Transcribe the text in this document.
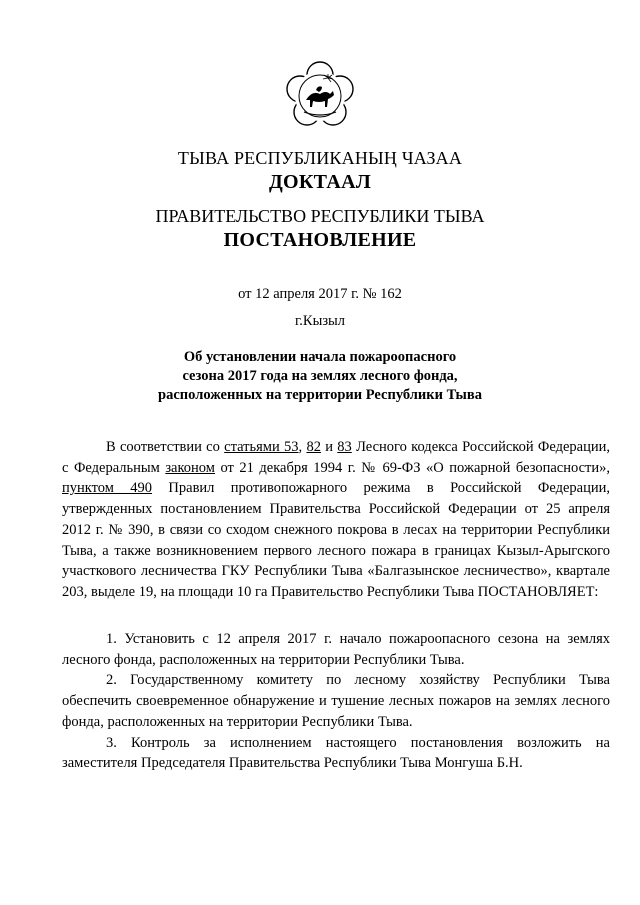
ТЫВА РЕСПУБЛИКАНЫҢ ЧАЗАА
ДОКТААЛ
ПРАВИТЕЛЬСТВО РЕСПУБЛИКИ ТЫВА
ПОСТАНОВЛЕНИЕ
от 12 апреля 2017 г. № 162
г.Кызыл
Об установлении начала пожароопасного
сезона 2017 года на землях лесного фонда,
расположенных на территории Республики Тыва

В соответствии со статьями 53, 82 и 83 Лесного кодекса Российской Федерации, с Федеральным законом от 21 декабря 1994 г. № 69-ФЗ «О пожарной безопасности», пунктом 490 Правил противопожарного режима в Российской Федерации, утвержденных постановлением Правительства Российской Федерации от 25 апреля 2012 г. № 390, в связи со сходом снежного покрова в лесах на территории Республики Тыва, а также возникновением первого лесного пожара в границах Кызыл-Арыгского участкового лесничества ГКУ Республики Тыва «Балгазынское лесничество», квартале 203, выделе 19, на площади 10 га Правительство Республики Тыва ПОСТАНОВЛЯЕТ:

1. Установить с 12 апреля 2017 г. начало пожароопасного сезона на землях лесного фонда, расположенных на территории Республики Тыва.

2. Государственному комитету по лесному хозяйству Республики Тыва обеспечить своевременное обнаружение и тушение лесных пожаров на землях лесного фонда, расположенных на территории Республики Тыва.

3. Контроль за исполнением настоящего постановления возложить на заместителя Председателя Правительства Республики Тыва Монгуша Б.Н.
